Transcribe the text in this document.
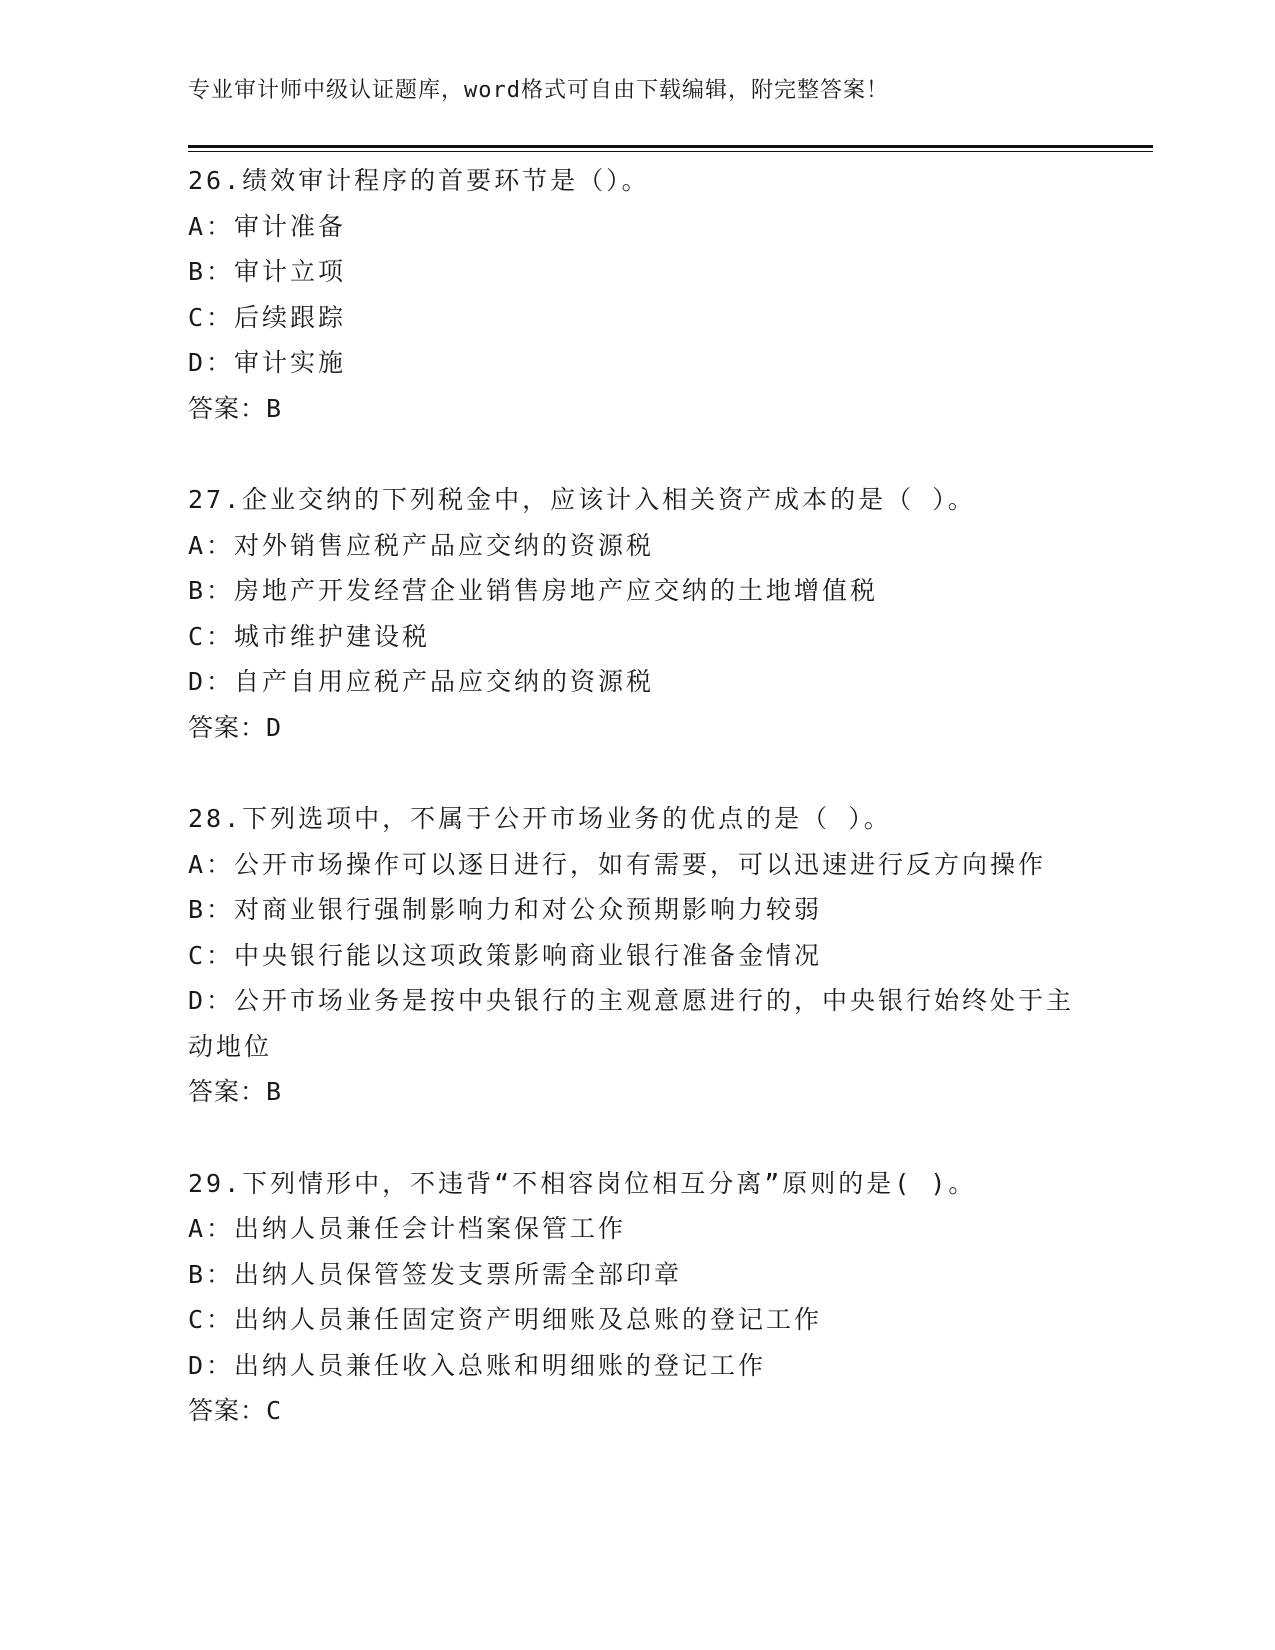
专业审计师中级认证题库，word格式可自由下载编辑，附完整答案！
26.绩效审计程序的首要环节是（）。
A：审计准备
B：审计立项
C：后续跟踪
D：审计实施
答案：B
27.企业交纳的下列税金中，应该计入相关资产成本的是（ ）。
A：对外销售应税产品应交纳的资源税
B：房地产开发经营企业销售房地产应交纳的土地增值税
C：城市维护建设税
D：自产自用应税产品应交纳的资源税
答案：D
28.下列选项中，不属于公开市场业务的优点的是（ ）。
A：公开市场操作可以逐日进行，如有需要，可以迅速进行反方向操作
B：对商业银行强制影响力和对公众预期影响力较弱
C：中央银行能以这项政策影响商业银行准备金情况
D：公开市场业务是按中央银行的主观意愿进行的，中央银行始终处于主动地位
答案：B
29.下列情形中，不违背“不相容岗位相互分离”原则的是( )。
A：出纳人员兼任会计档案保管工作
B：出纳人员保管签发支票所需全部印章
C：出纳人员兼任固定资产明细账及总账的登记工作
D：出纳人员兼任收入总账和明细账的登记工作
答案：C
